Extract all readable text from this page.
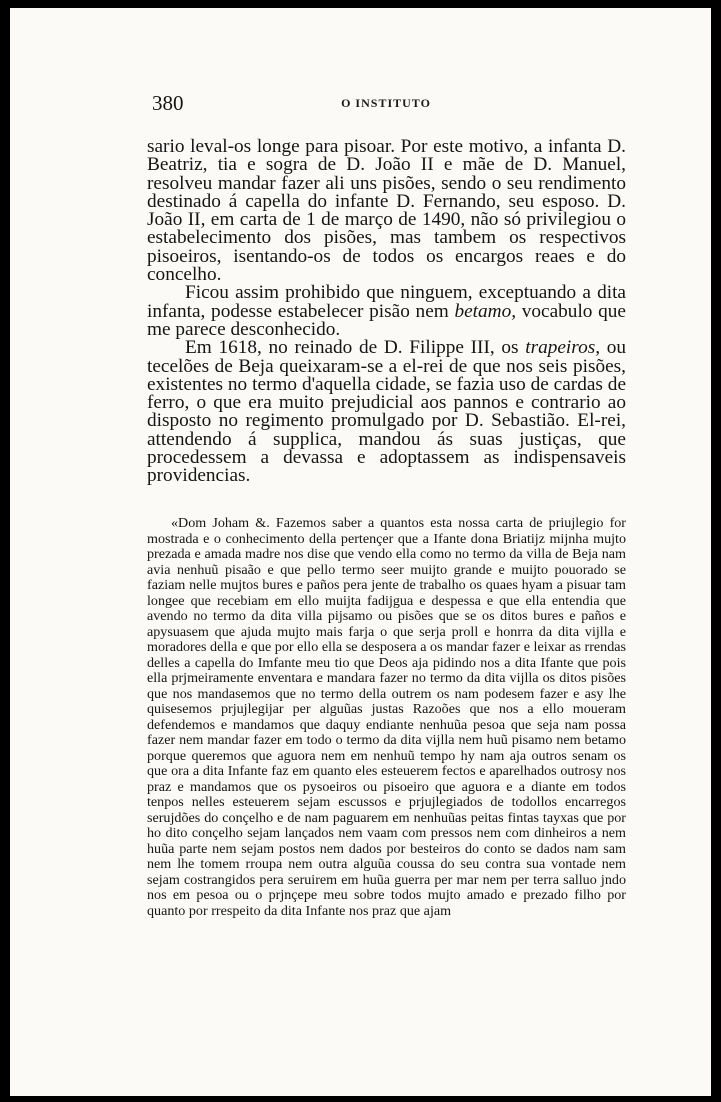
380	O INSTITUTO

sario leval-os longe para pisoar. Por este motivo, a infanta D. Beatriz, tia e sogra de D. João II e mãe de D. Manuel, resolveu mandar fazer ali uns pisões, sendo o seu rendimento destinado á capella do infante D. Fernando, seu esposo. D. João II, em carta de 1 de março de 1490, não só privilegiou o estabelecimento dos pisões, mas tambem os respectivos pisoeiros, isentando-os de todos os encargos reaes e do concelho.

Ficou assim prohibido que ninguem, exceptuando a dita infanta, podesse estabelecer pisão nem betamo, vocabulo que me parece desconhecido.

Em 1618, no reinado de D. Filippe III, os trapeiros, ou tecelões de Beja queixaram-se a el-rei de que nos seis pisões, existentes no termo d'aquella cidade, se fazia uso de cardas de ferro, o que era muito prejudicial aos pannos e contrario ao disposto no regimento promulgado por D. Sebastião. El-rei, attendendo á supplica, mandou ás suas justiças, que procedessem a devassa e adoptassem as indispensaveis providencias.

«Dom Joham &. Fazemos saber a quantos esta nossa carta de priujlegio for mostrada e o conhecimento della pertençer que a Ifante dona Briatijz mijnha mujto prezada e amada madre nos dise que vendo ella como no termo da villa de Beja nam avia nenhuũ pisaão e que pello termo seer muijto grande e muijto pouorado se faziam nelle mujtos bures e paños pera jente de trabalho os quaes hyam a pisuar tam longee que recebiam em ello muijta fadijgua e despessa e que ella entendia que avendo no termo da dita villa pijsamo ou pisões que se os ditos bures e paños e apysuasem que ajuda mujto mais farja o que serja proll e honrra da dita vijlla e moradores della e que por ello ella se desposera a os mandar fazer e leixar as rrendas delles a capella do Imfante meu tio que Deos aja pidindo nos a dita Ifante que pois ella prjmeiramente enventara e mandara fazer no termo da dita vijlla os ditos pisões que nos mandasemos que no termo della outrem os nam podesem fazer e asy lhe quisesemos prjujlegijar per alguũas justas Razoões que nos a ello moueram defendemos e mandamos que daquy endiante nenhuũa pesoa que seja nam possa fazer nem mandar fazer em todo o termo da dita vijlla nem huũ pisamo nem betamo porque queremos que aguora nem em nenhuũ tempo hy nam aja outros senam os que ora a dita Infante faz em quanto eles esteuerem fectos e aparelhados outrosy nos praz e mandamos que os pysoeiros ou pisoeiro que aguora e a diante em todos tenpos nelles esteuerem sejam escussos e prjujlegiados de todollos encarregos serujdões do conçelho e de nam paguarem em nenhuũas peitas fintas tayxas que por ho dito conçelho sejam lançados nem vaam com pressos nem com dinheiros a nem huũa parte nem sejam postos nem dados por besteiros do conto se dados nam sam nem lhe tomem rroupa nem outra alguũa coussa do seu contra sua vontade nem sejam costrangidos pera seruirem em huũa guerra per mar nem per terra salluo jndo nos em pesoa ou o prjnçepe meu sobre todos mujto amado e prezado filho por quanto por rrespeito da dita Infante nos praz que ajam
